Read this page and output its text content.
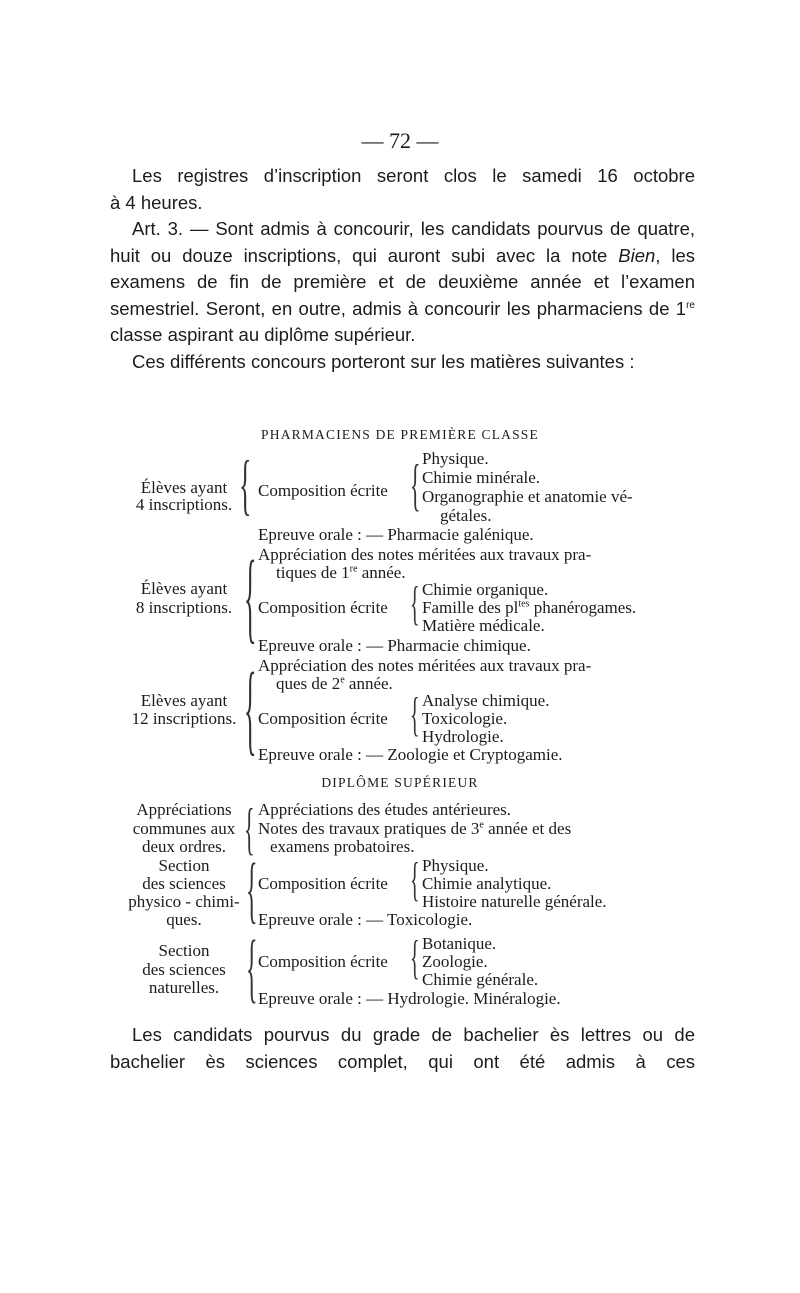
— 72 —

Les registres d’inscription seront clos le samedi 16 octobre

à 4 heures.

Art. 3. — Sont admis à concourir, les candidats pourvus de quatre, huit ou douze inscriptions, qui auront subi avec la note Bien, les examens de fin de première et de deuxième année et l’examen semestriel. Seront, en outre, admis à concourir les pharmaciens de 1re classe aspirant au diplôme supérieur.

Ces différents concours porteront sur les matières suivantes :

PHARMACIENS DE PREMIÈRE CLASSE
Élèves ayant
4 inscriptions. { Composition écrite { Physique.
Chimie minérale.
Organographie et anatomie vé-
gétales.
Epreuve orale : — Pharmacie galénique.
Élèves ayant
8 inscriptions. { Appréciation des notes méritées aux travaux pra-
tiques de 1re année.
Composition écrite { Chimie organique.
Famille des $pl^{tes}$ phanérogames.
Matière médicale.
Epreuve orale : — Pharmacie chimique.
Elèves ayant
12 inscriptions. { Appréciation des notes méritées aux travaux pra-
ques de 2e année.
Composition écrite { Analyse chimique.
Toxicologie.
Hydrologie.
Epreuve orale : — Zoologie et Cryptogamie.
DIPLÔME SUPÉRIEUR
Appréciations
communes aux
deux ordres. { Appréciations des études antérieures.
Notes des travaux pratiques de 3e année et des
examens probatoires.
Section
des sciences
physico - chimi-
ques.	{ Composition écrite { Physique.
Chimie analytique.
Histoire naturelle générale.
Epreuve orale : — Toxicologie.
Section
des sciences
naturelles.	{ Composition écrite { Botanique.
Zoologie.
Chimie générale.
Epreuve orale : — Hydrologie. Minéralogie.

Les candidats pourvus du grade de bachelier ès lettres ou de bachelier ès sciences complet, qui ont été admis à ces
